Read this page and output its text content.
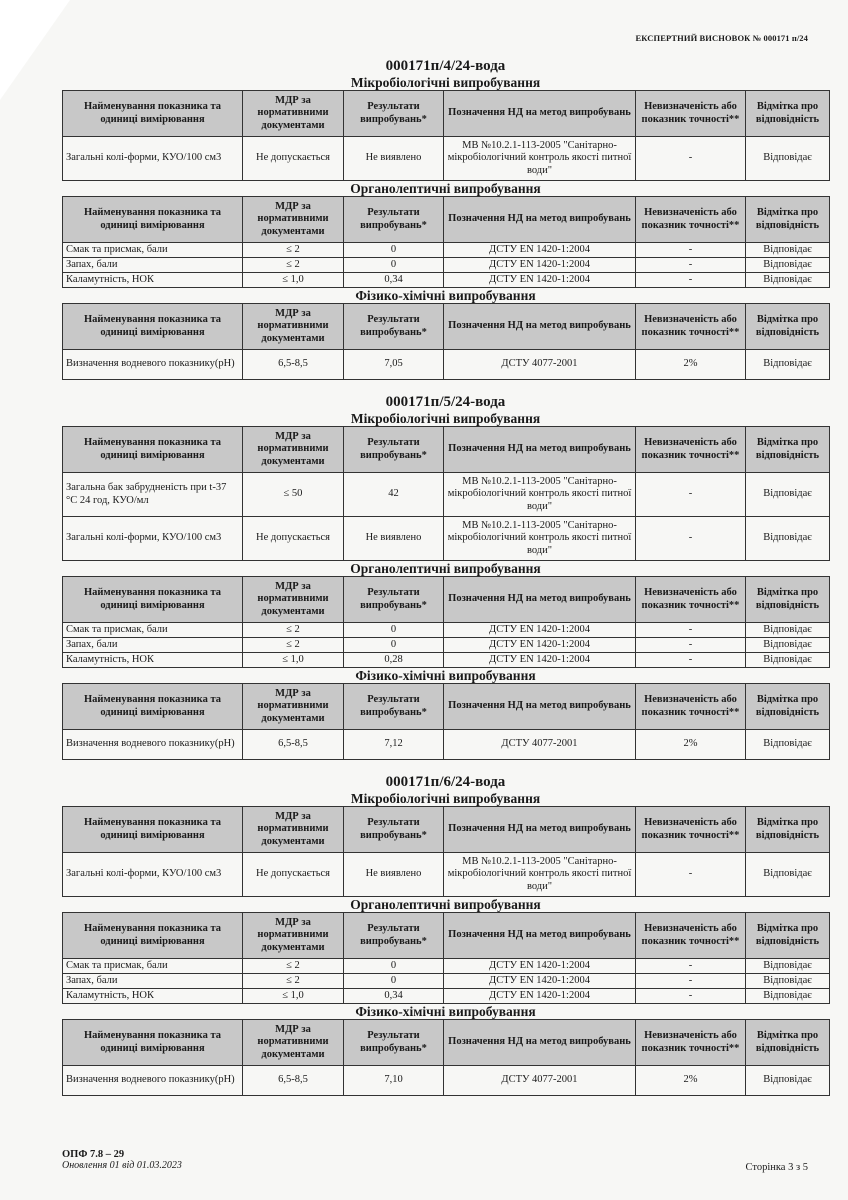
ЕКСПЕРТНИЙ ВИСНОВОК № 000171 п/24
000171п/4/24-вода
Мікробіологічні випробування
Найменування показника та одиниці вимірювання	МДР за нормативними документами	Результати випробувань*	Позначення НД на метод випробувань	Невизначеність або показник точності**	Відмітка про відповідність
Загальні колі-форми, КУО/100 см3	Не допускається	Не виявлено	МВ №10.2.1-113-2005 "Санітарно-мікробіологічний контроль якості питної води"	-	Відповідає
Органолептичні випробування
Найменування показника та одиниці вимірювання	МДР за нормативними документами	Результати випробувань*	Позначення НД на метод випробувань	Невизначеність або показник точності**	Відмітка про відповідність
Смак та присмак, бали	≤ 2	0	ДСТУ EN 1420-1:2004	-	Відповідає
Запах, бали	≤ 2	0	ДСТУ EN 1420-1:2004	-	Відповідає
Каламутність, НОК	≤ 1,0	0,34	ДСТУ EN 1420-1:2004	-	Відповідає
Фізико-хімічні випробування
Найменування показника та одиниці вимірювання	МДР за нормативними документами	Результати випробувань*	Позначення НД на метод випробувань	Невизначеність або показник точності**	Відмітка про відповідність
Визначення водневого показнику(рН)	6,5-8,5	7,05	ДСТУ 4077-2001	2%	Відповідає
000171п/5/24-вода
Мікробіологічні випробування
Найменування показника та одиниці вимірювання	МДР за нормативними документами	Результати випробувань*	Позначення НД на метод випробувань	Невизначеність або показник точності**	Відмітка про відповідність
Загальна бак забрудненість при t-37 °С 24 год, КУО/мл	≤ 50	42	МВ №10.2.1-113-2005 "Санітарно-мікробіологічний контроль якості питної води"	-	Відповідає
Загальні колі-форми, КУО/100 см3	Не допускається	Не виявлено	МВ №10.2.1-113-2005 "Санітарно-мікробіологічний контроль якості питної води"	-	Відповідає
Органолептичні випробування
Найменування показника та одиниці вимірювання	МДР за нормативними документами	Результати випробувань*	Позначення НД на метод випробувань	Невизначеність або показник точності**	Відмітка про відповідність
Смак та присмак, бали	≤ 2	0	ДСТУ EN 1420-1:2004	-	Відповідає
Запах, бали	≤ 2	0	ДСТУ EN 1420-1:2004	-	Відповідає
Каламутність, НОК	≤ 1,0	0,28	ДСТУ EN 1420-1:2004	-	Відповідає
Фізико-хімічні випробування
Найменування показника та одиниці вимірювання	МДР за нормативними документами	Результати випробувань*	Позначення НД на метод випробувань	Невизначеність або показник точності**	Відмітка про відповідність
Визначення водневого показнику(рН)	6,5-8,5	7,12	ДСТУ 4077-2001	2%	Відповідає
000171п/6/24-вода
Мікробіологічні випробування
Найменування показника та одиниці вимірювання	МДР за нормативними документами	Результати випробувань*	Позначення НД на метод випробувань	Невизначеність або показник точності**	Відмітка про відповідність
Загальні колі-форми, КУО/100 см3	Не допускається	Не виявлено	МВ №10.2.1-113-2005 "Санітарно-мікробіологічний контроль якості питної води"	-	Відповідає
Органолептичні випробування
Найменування показника та одиниці вимірювання	МДР за нормативними документами	Результати випробувань*	Позначення НД на метод випробувань	Невизначеність або показник точності**	Відмітка про відповідність
Смак та присмак, бали	≤ 2	0	ДСТУ EN 1420-1:2004	-	Відповідає
Запах, бали	≤ 2	0	ДСТУ EN 1420-1:2004	-	Відповідає
Каламутність, НОК	≤ 1,0	0,34	ДСТУ EN 1420-1:2004	-	Відповідає
Фізико-хімічні випробування
Найменування показника та одиниці вимірювання	МДР за нормативними документами	Результати випробувань*	Позначення НД на метод випробувань	Невизначеність або показник точності**	Відмітка про відповідність
Визначення водневого показнику(рН)	6,5-8,5	7,10	ДСТУ 4077-2001	2%	Відповідає
ОПФ 7.8 – 29
Оновлення 01 від 01.03.2023	Сторінка 3 з 5
